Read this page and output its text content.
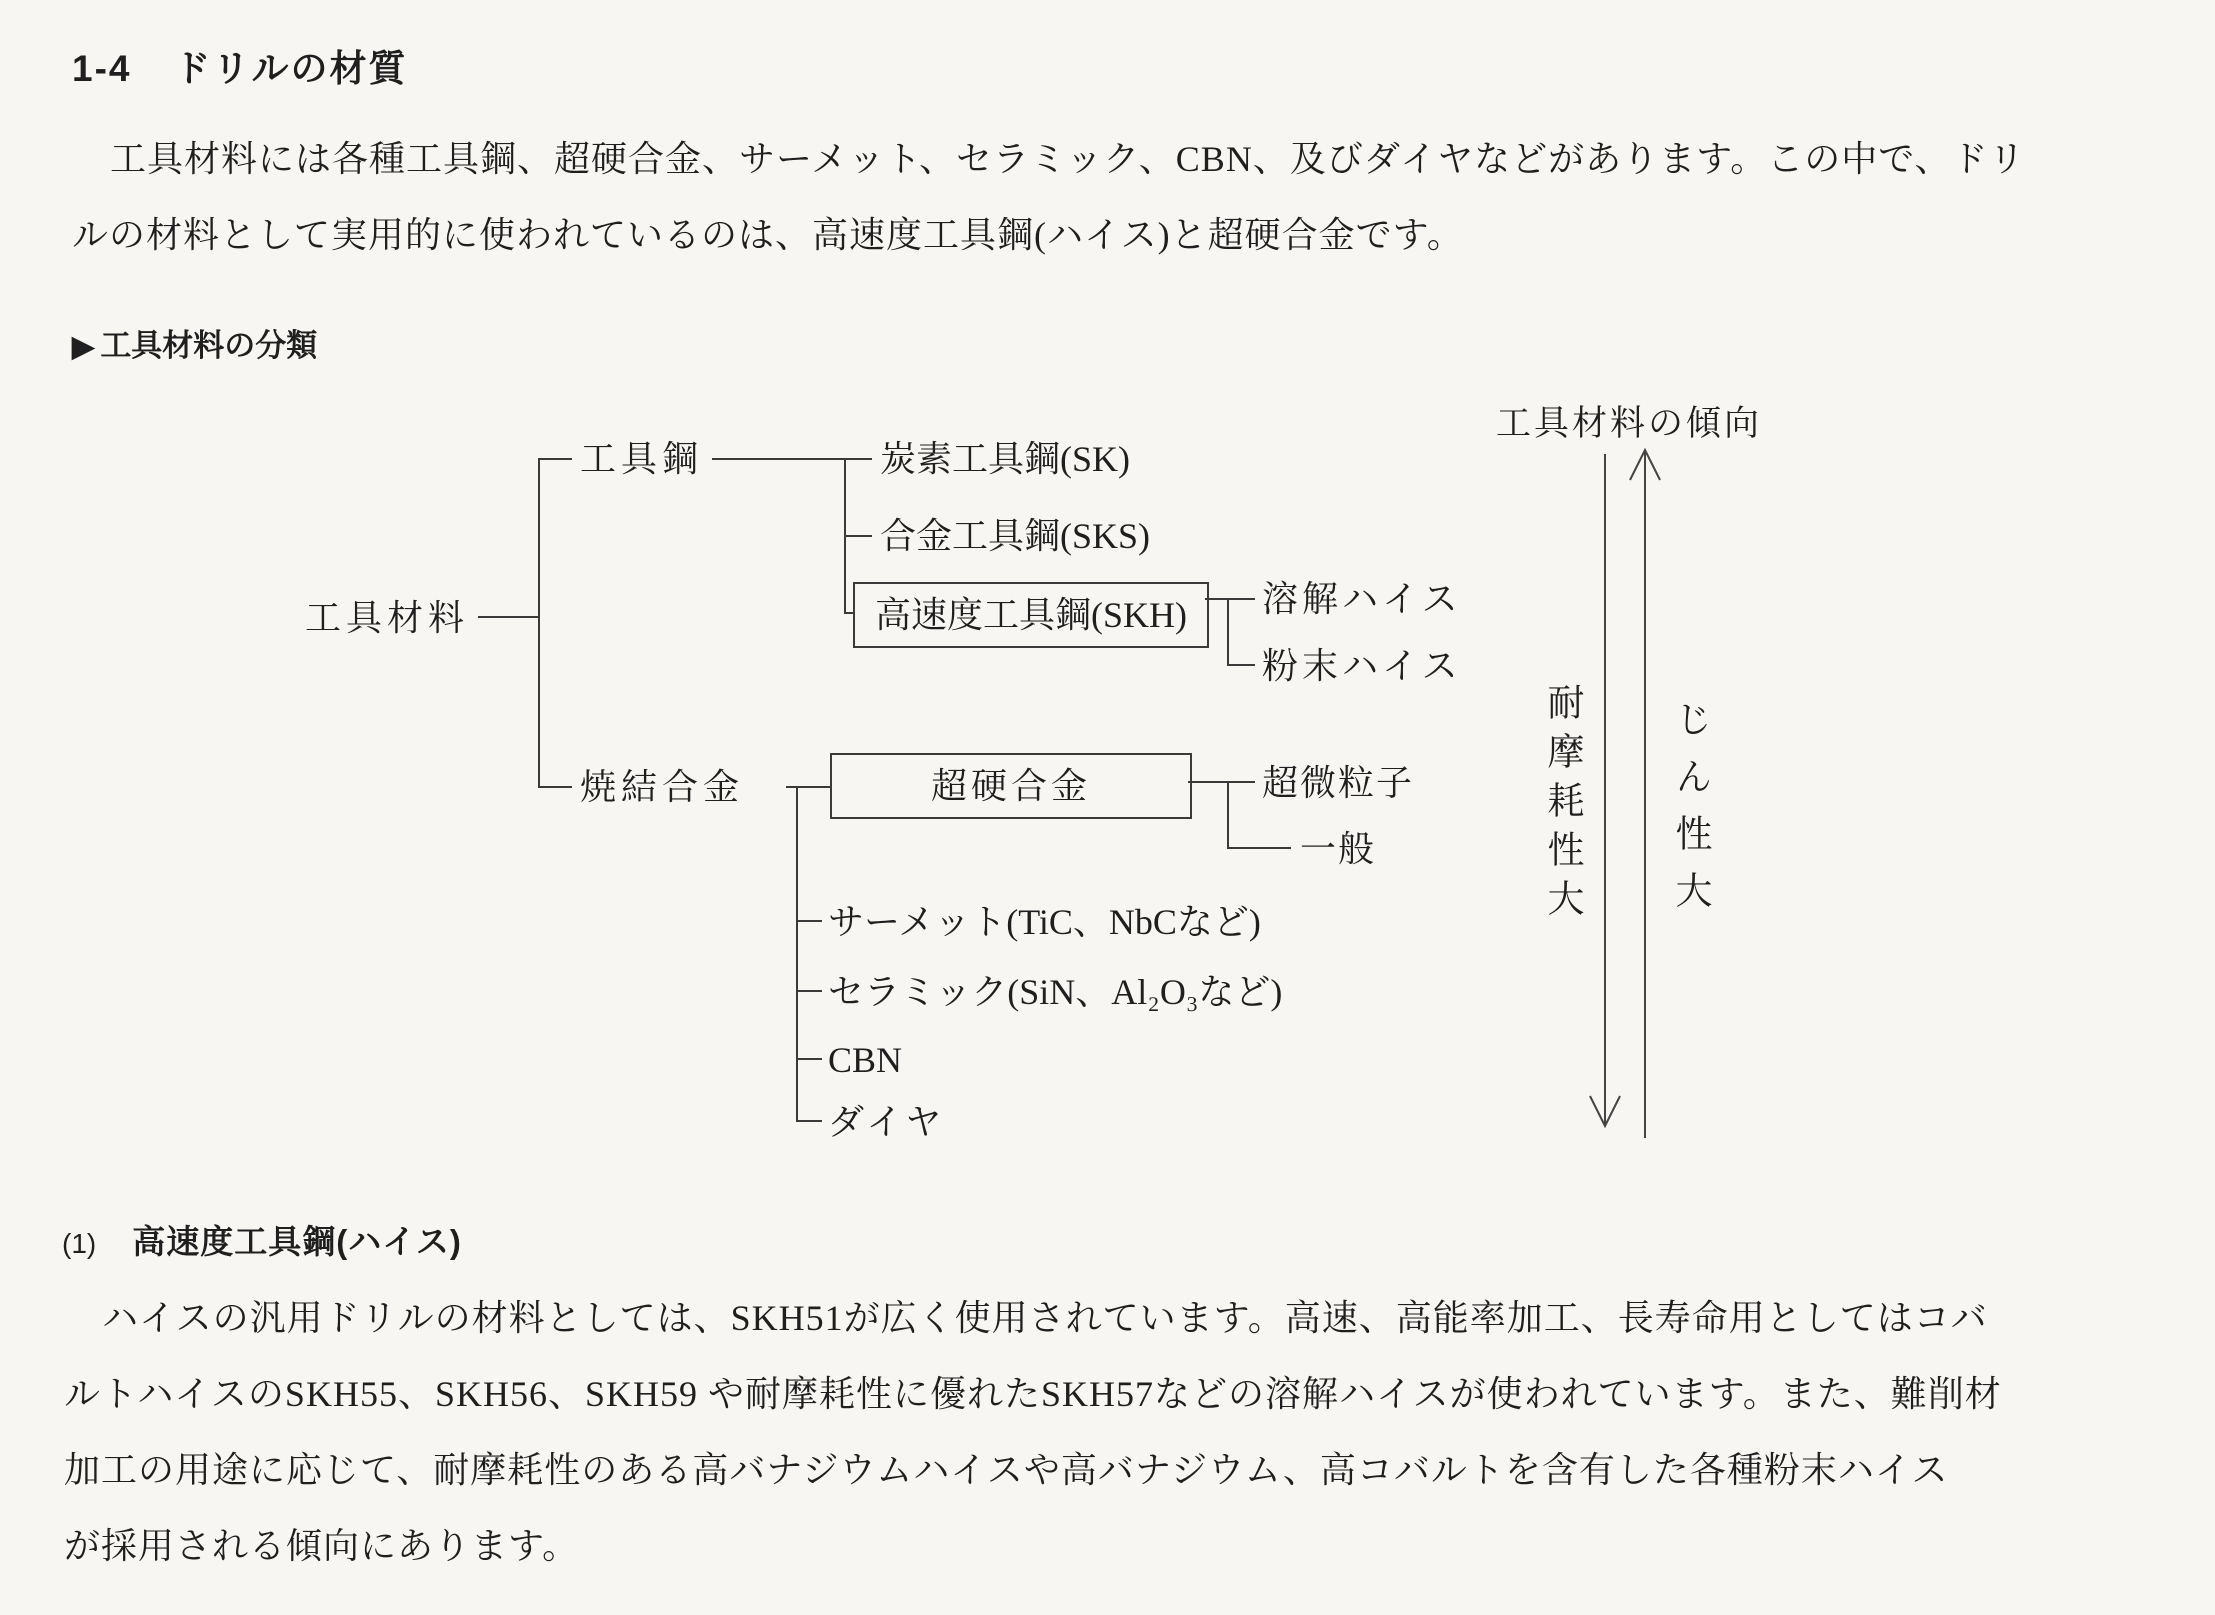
1-4 ドリルの材質
工具材料には各種工具鋼、超硬合金、サーメット、セラミック、CBN、及びダイヤなどがあります。この中で、ドリ
ルの材料として実用的に使われているのは、高速度工具鋼(ハイス)と超硬合金です。
▶ 工具材料の分類
工具材料
工具鋼	炭素工具鋼(SK)
合金工具鋼(SKS)
高速度工具鋼(SKH)	溶解ハイス
粉末ハイス
焼結合金	超硬合金	超微粒子
一般
サーメット(TiC、NbCなど)
セラミック(SiN、Al₂O₃など)
CBN
ダイヤ
工具材料の傾向
耐摩耗性大 じん性大
(1) 高速度工具鋼(ハイス)
ハイスの汎用ドリルの材料としては、SKH51が広く使用されています。高速、高能率加工、長寿命用としてはコバ
ルトハイスのSKH55、SKH56、SKH59 や耐摩耗性に優れたSKH57などの溶解ハイスが使われています。また、難削材
加工の用途に応じて、耐摩耗性のある高バナジウムハイスや高バナジウム、高コバルトを含有した各種粉末ハイス
が採用される傾向にあります。
